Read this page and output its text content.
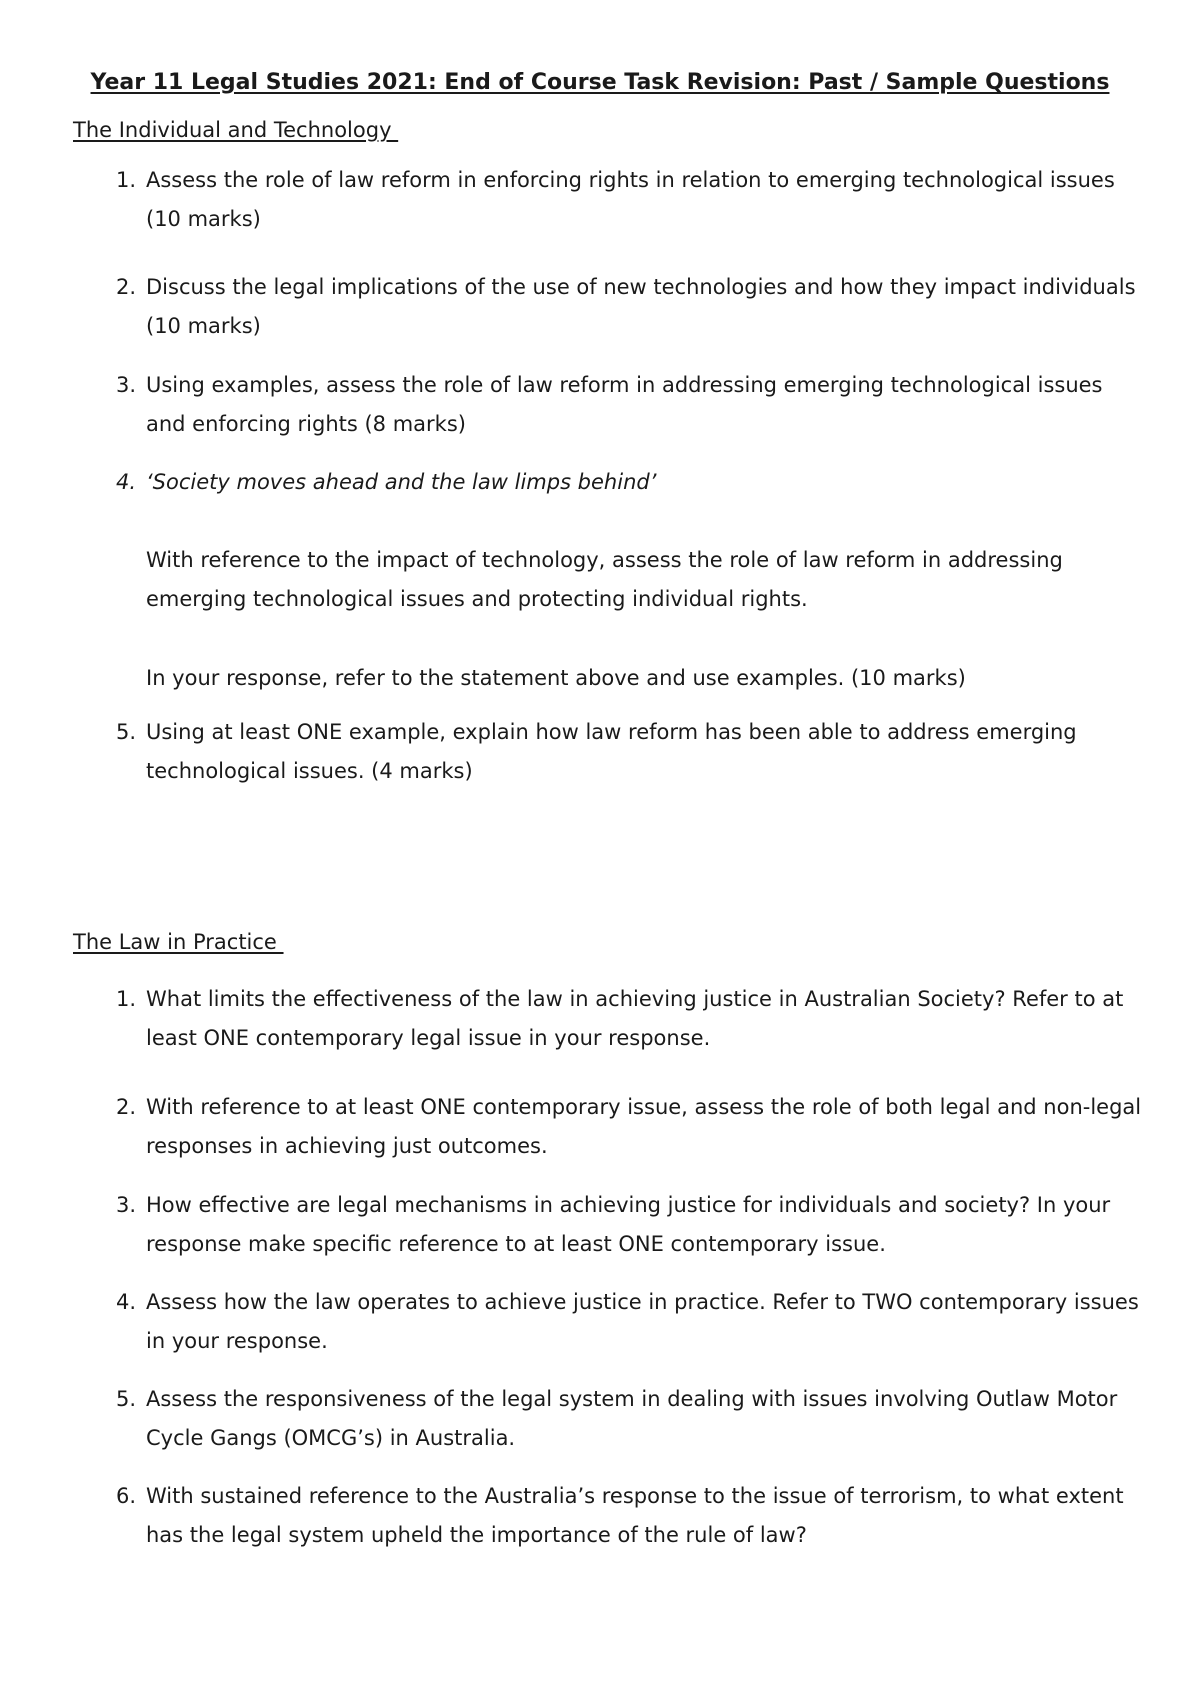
Year 11 Legal Studies 2021: End of Course Task Revision: Past / Sample Questions
The Individual and Technology
1. Assess the role of law reform in enforcing rights in relation to emerging technological issues (10 marks)
2. Discuss the legal implications of the use of new technologies and how they impact individuals (10 marks)
3. Using examples, assess the role of law reform in addressing emerging technological issues and enforcing rights (8 marks)
4. ‘Society moves ahead and the law limps behind’

With reference to the impact of technology, assess the role of law reform in addressing emerging technological issues and protecting individual rights.

In your response, refer to the statement above and use examples. (10 marks)

5. Using at least ONE example, explain how law reform has been able to address emerging technological issues. (4 marks)
The Law in Practice
1. What limits the effectiveness of the law in achieving justice in Australian Society? Refer to at least ONE contemporary legal issue in your response.
2. With reference to at least ONE contemporary issue, assess the role of both legal and non-legal responses in achieving just outcomes.
3. How effective are legal mechanisms in achieving justice for individuals and society? In your response make specific reference to at least ONE contemporary issue.
4. Assess how the law operates to achieve justice in practice. Refer to TWO contemporary issues in your response.
5. Assess the responsiveness of the legal system in dealing with issues involving Outlaw Motor Cycle Gangs (OMCG’s) in Australia.
6. With sustained reference to the Australia’s response to the issue of terrorism, to what extent has the legal system upheld the importance of the rule of law?
